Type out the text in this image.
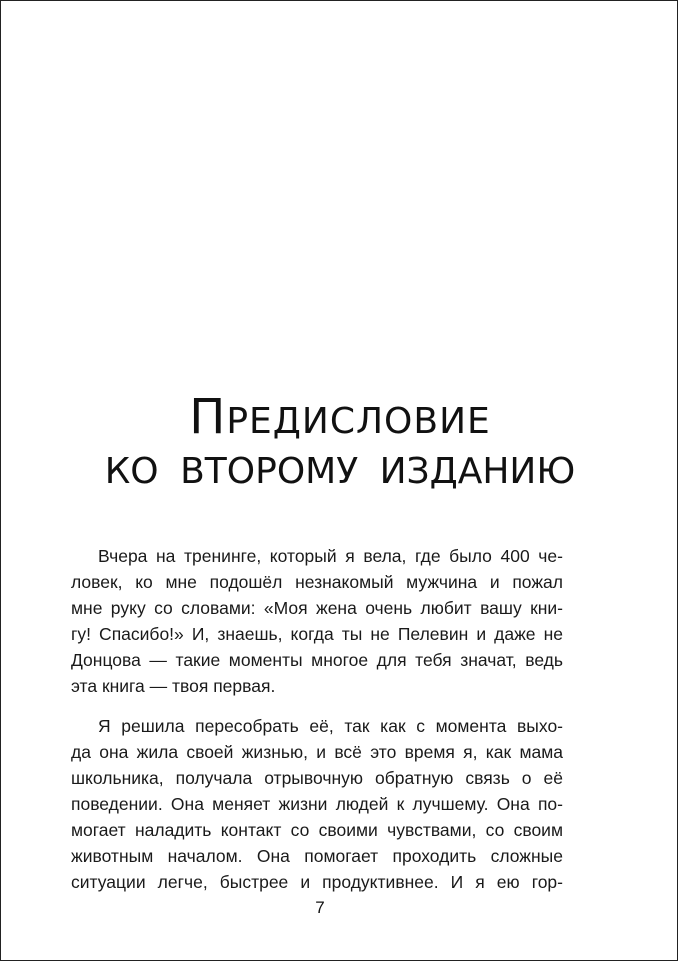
ПРЕДИСЛОВИЕ
КО ВТОРОМУ ИЗДАНИЮ
Вчера на тренинге, который я вела, где было 400 че-
ловек, ко мне подошёл незнакомый мужчина и пожал
мне руку со словами: «Моя жена очень любит вашу кни-
гу! Спасибо!» И, знаешь, когда ты не Пелевин и даже не
Донцова — такие моменты многое для тебя значат, ведь
эта книга — твоя первая.
Я решила пересобрать её, так как с момента выхо-
да она жила своей жизнью, и всё это время я, как мама
школьника, получала отрывочную обратную связь о её
поведении. Она меняет жизни людей к лучшему. Она по-
могает наладить контакт со своими чувствами, со своим
животным началом. Она помогает проходить сложные
ситуации легче, быстрее и продуктивнее. И я ею гор-
7
